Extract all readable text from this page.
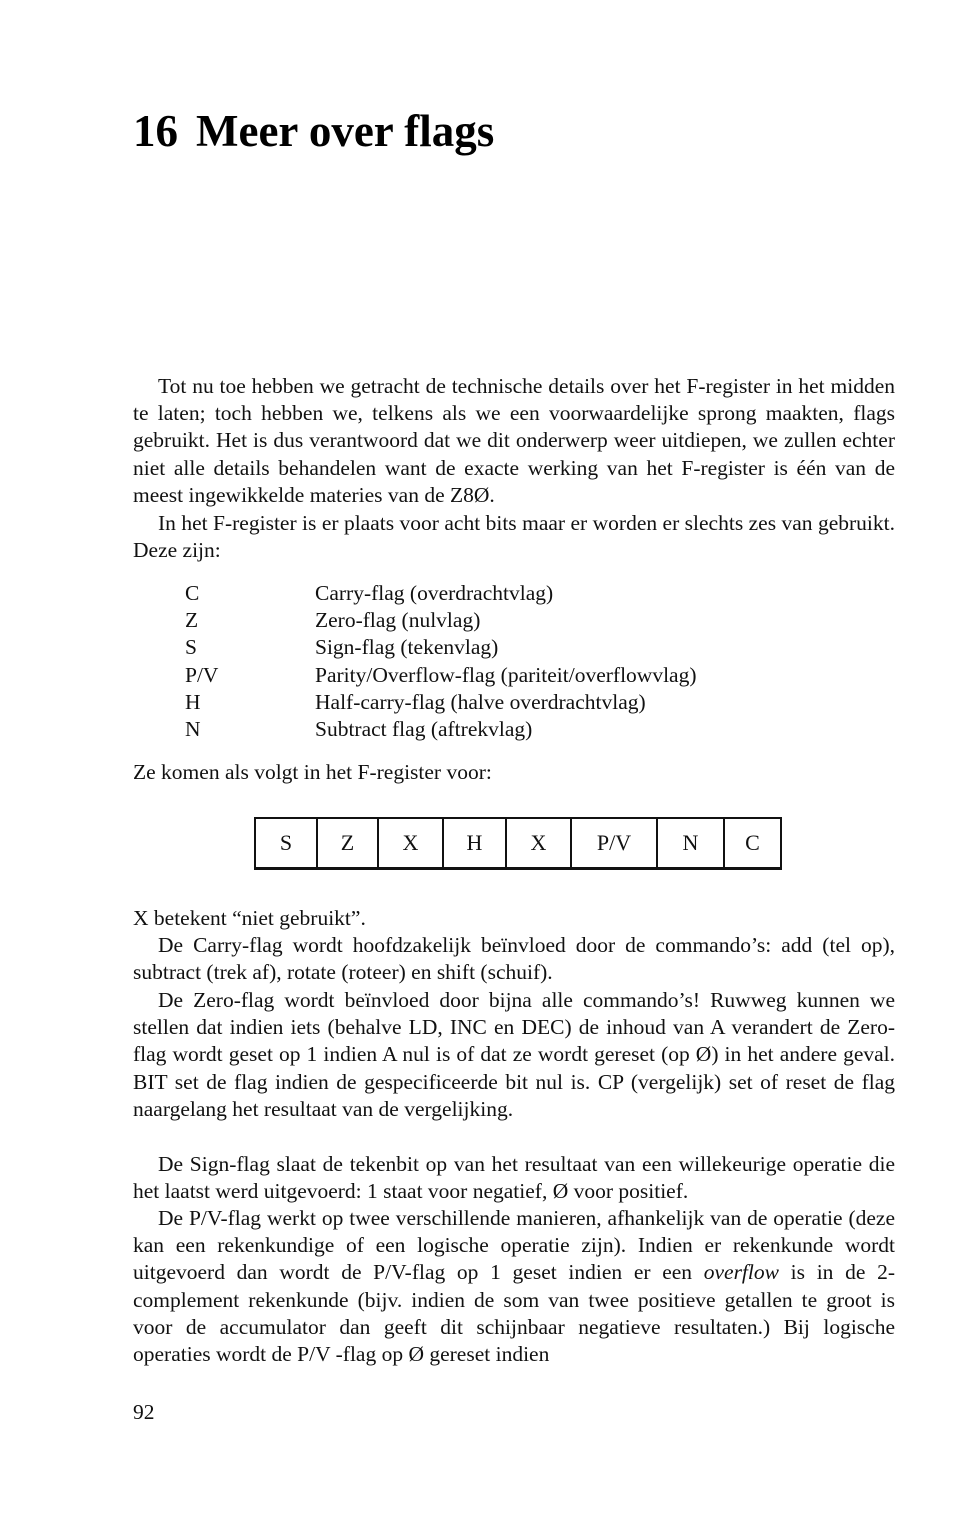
16 Meer over flags

Tot nu toe hebben we getracht de technische details over het F-register in het midden te laten; toch hebben we, telkens als we een voorwaardelijke sprong maakten, flags gebruikt. Het is dus verantwoord dat we dit onderwerp weer uitdiepen, we zullen echter niet alle details behandelen want de exacte werking van het F-register is één van de meest ingewikkelde materies van de Z8Ø.

In het F-register is er plaats voor acht bits maar er worden er slechts zes van gebruikt. Deze zijn:

C	Carry-flag (overdrachtvlag)
Z	Zero-flag (nulvlag)
S	Sign-flag (tekenvlag)
P/V	Parity/Overflow-flag (pariteit/overflowvlag)
H	Half-carry-flag (halve overdrachtvlag)
N	Subtract flag (aftrekvlag)

Ze komen als volgt in het F-register voor:

S	Z	X	H	X	P/V	N	C

X betekent “niet gebruikt”.

De Carry-flag wordt hoofdzakelijk beïnvloed door de commando’s: add (tel op), subtract (trek af), rotate (roteer) en shift (schuif).

De Zero-flag wordt beïnvloed door bijna alle commando’s! Ruwweg kunnen we stellen dat indien iets (behalve LD, INC en DEC) de inhoud van A verandert de Zero-flag wordt geset op 1 indien A nul is of dat ze wordt gereset (op Ø) in het andere geval. BIT set de flag indien de gespecificeerde bit nul is. CP (vergelijk) set of reset de flag naargelang het resultaat van de vergelijking.

De Sign-flag slaat de tekenbit op van het resultaat van een willekeurige operatie die het laatst werd uitgevoerd: 1 staat voor negatief, Ø voor positief.

De P/V-flag werkt op twee verschillende manieren, afhankelijk van de operatie (deze kan een rekenkundige of een logische operatie zijn). Indien er rekenkunde wordt uitgevoerd dan wordt de P/V-flag op 1 geset indien er een overflow is in de 2-complement rekenkunde (bijv. indien de som van twee positieve getallen te groot is voor de accumulator dan geeft dit schijnbaar negatieve resultaten.) Bij logische operaties wordt de P/V -flag op Ø gereset indien

92
